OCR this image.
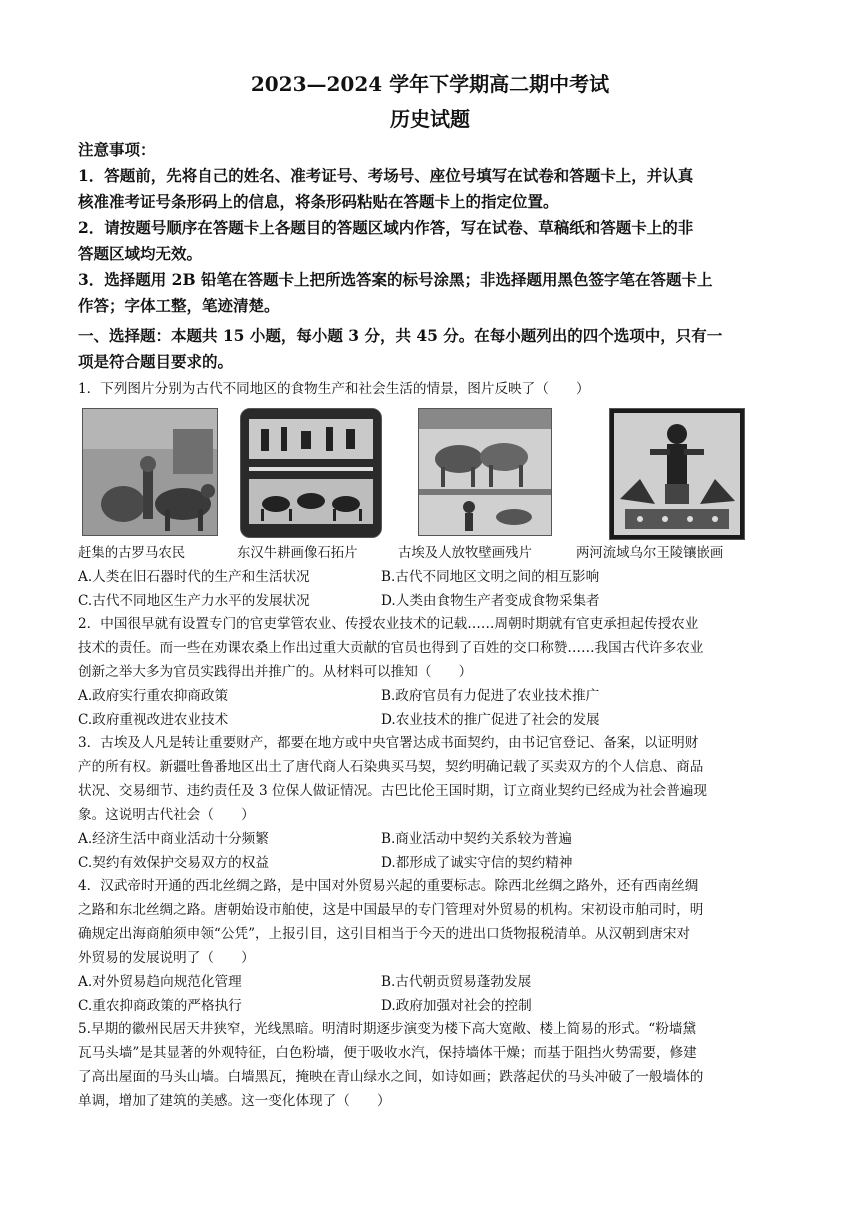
2023—2024 学年下学期高二期中考试
历史试题
注意事项：
1．答题前，先将自己的姓名、准考证号、考场号、座位号填写在试卷和答题卡上，并认真
核准准考证号条形码上的信息，将条形码粘贴在答题卡上的指定位置。
2．请按题号顺序在答题卡上各题目的答题区域内作答，写在试卷、草稿纸和答题卡上的非
答题区域均无效。
3．选择题用 2B 铅笔在答题卡上把所选答案的标号涂黑；非选择题用黑色签字笔在答题卡上
作答；字体工整，笔迹清楚。
一、选择题：本题共 15 小题，每小题 3 分，共 45 分。在每小题列出的四个选项中，只有一
项是符合题目要求的。
1．下列图片分别为古代不同地区的食物生产和社会生活的情景，图片反映了（　　）
赶集的古罗马农民	东汉牛耕画像石拓片	古埃及人放牧壁画残片	两河流域乌尔王陵镶嵌画
A.人类在旧石器时代的生产和生活状况	B.古代不同地区文明之间的相互影响
C.古代不同地区生产力水平的发展状况	D.人类由食物生产者变成食物采集者
2．中国很早就有设置专门的官吏掌管农业、传授农业技术的记载……周朝时期就有官吏承担起传授农业
技术的责任。而一些在劝课农桑上作出过重大贡献的官员也得到了百姓的交口称赞……我国古代许多农业
创新之举大多为官员实践得出并推广的。从材料可以推知（　　）
A.政府实行重农抑商政策	B.政府官员有力促进了农业技术推广
C.政府重视改进农业技术	D.农业技术的推广促进了社会的发展
3．古埃及人凡是转让重要财产，都要在地方或中央官署达成书面契约，由书记官登记、备案，以证明财
产的所有权。新疆吐鲁番地区出土了唐代商人石染典买马契，契约明确记载了买卖双方的个人信息、商品
状况、交易细节、违约责任及 3 位保人做证情况。古巴比伦王国时期，订立商业契约已经成为社会普遍现
象。这说明古代社会（　　）
A.经济生活中商业活动十分频繁	B.商业活动中契约关系较为普遍
C.契约有效保护交易双方的权益	D.都形成了诚实守信的契约精神
4．汉武帝时开通的西北丝绸之路，是中国对外贸易兴起的重要标志。除西北丝绸之路外，还有西南丝绸
之路和东北丝绸之路。唐朝始设市舶使，这是中国最早的专门管理对外贸易的机构。宋初设市舶司时，明
确规定出海商舶须申领“公凭”，上报引目，这引目相当于今天的进出口货物报税清单。从汉朝到唐宋对
外贸易的发展说明了（　　）
A.对外贸易趋向规范化管理	B.古代朝贡贸易蓬勃发展
C.重农抑商政策的严格执行	D.政府加强对社会的控制
5.早期的徽州民居天井狭窄，光线黑暗。明清时期逐步演变为楼下高大宽敞、楼上简易的形式。“粉墙黛
瓦马头墙”是其显著的外观特征，白色粉墙，便于吸收水汽，保持墙体干燥；而基于阻挡火势需要，修建
了高出屋面的马头山墙。白墙黑瓦，掩映在青山绿水之间，如诗如画；跌落起伏的马头冲破了一般墙体的
单调，增加了建筑的美感。这一变化体现了（　　）
